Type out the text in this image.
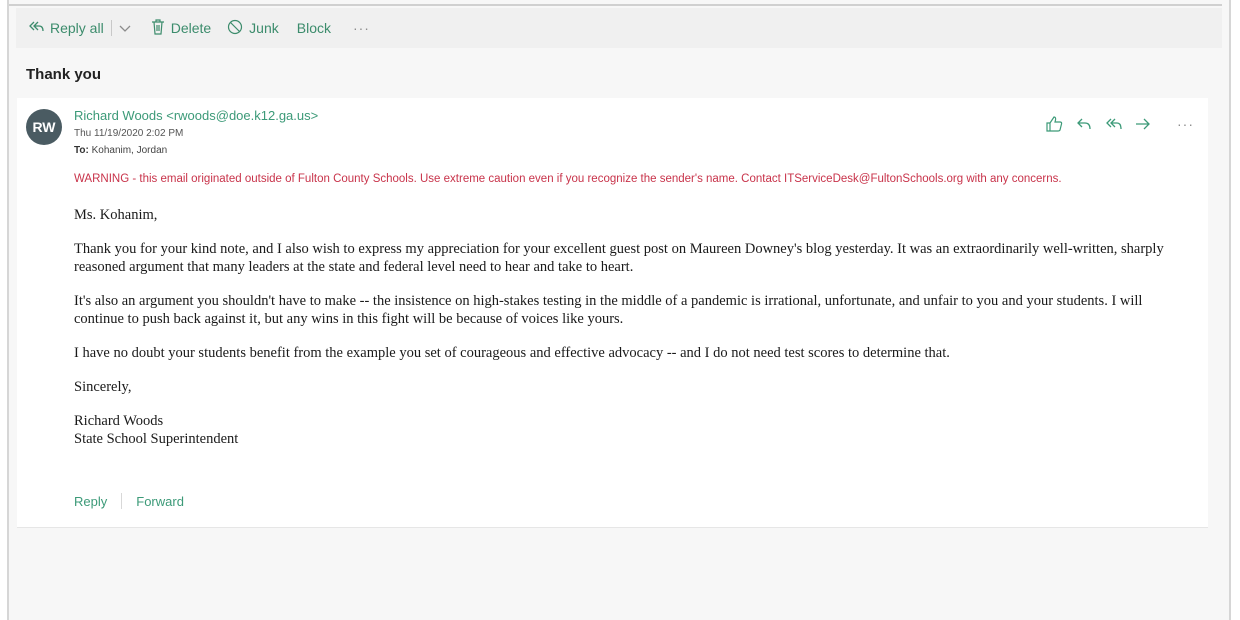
Reply all	Delete	Junk Block ···
Thank you
RW
Richard Woods <rwoods@doe.k12.ga.us>
Thu 11/19/2020 2:02 PM
To: Kohanim, Jordan
···
WARNING - this email originated outside of Fulton County Schools. Use extreme caution even if you recognize the sender's name. Contact ITServiceDesk@FultonSchools.org with any concerns.

Ms. Kohanim,

Thank you for your kind note, and I also wish to express my appreciation for your excellent guest post on Maureen Downey's blog yesterday. It was an extraordinarily well-written, sharply reasoned argument that many leaders at the state and federal level need to hear and take to heart.

It's also an argument you shouldn't have to make -- the insistence on high-stakes testing in the middle of a pandemic is irrational, unfortunate, and unfair to you and your students. I will continue to push back against it, but any wins in this fight will be because of voices like yours.

I have no doubt your students benefit from the example you set of courageous and effective advocacy -- and I do not need test scores to determine that.

Sincerely,

Richard Woods
State School Superintendent

Reply Forward
